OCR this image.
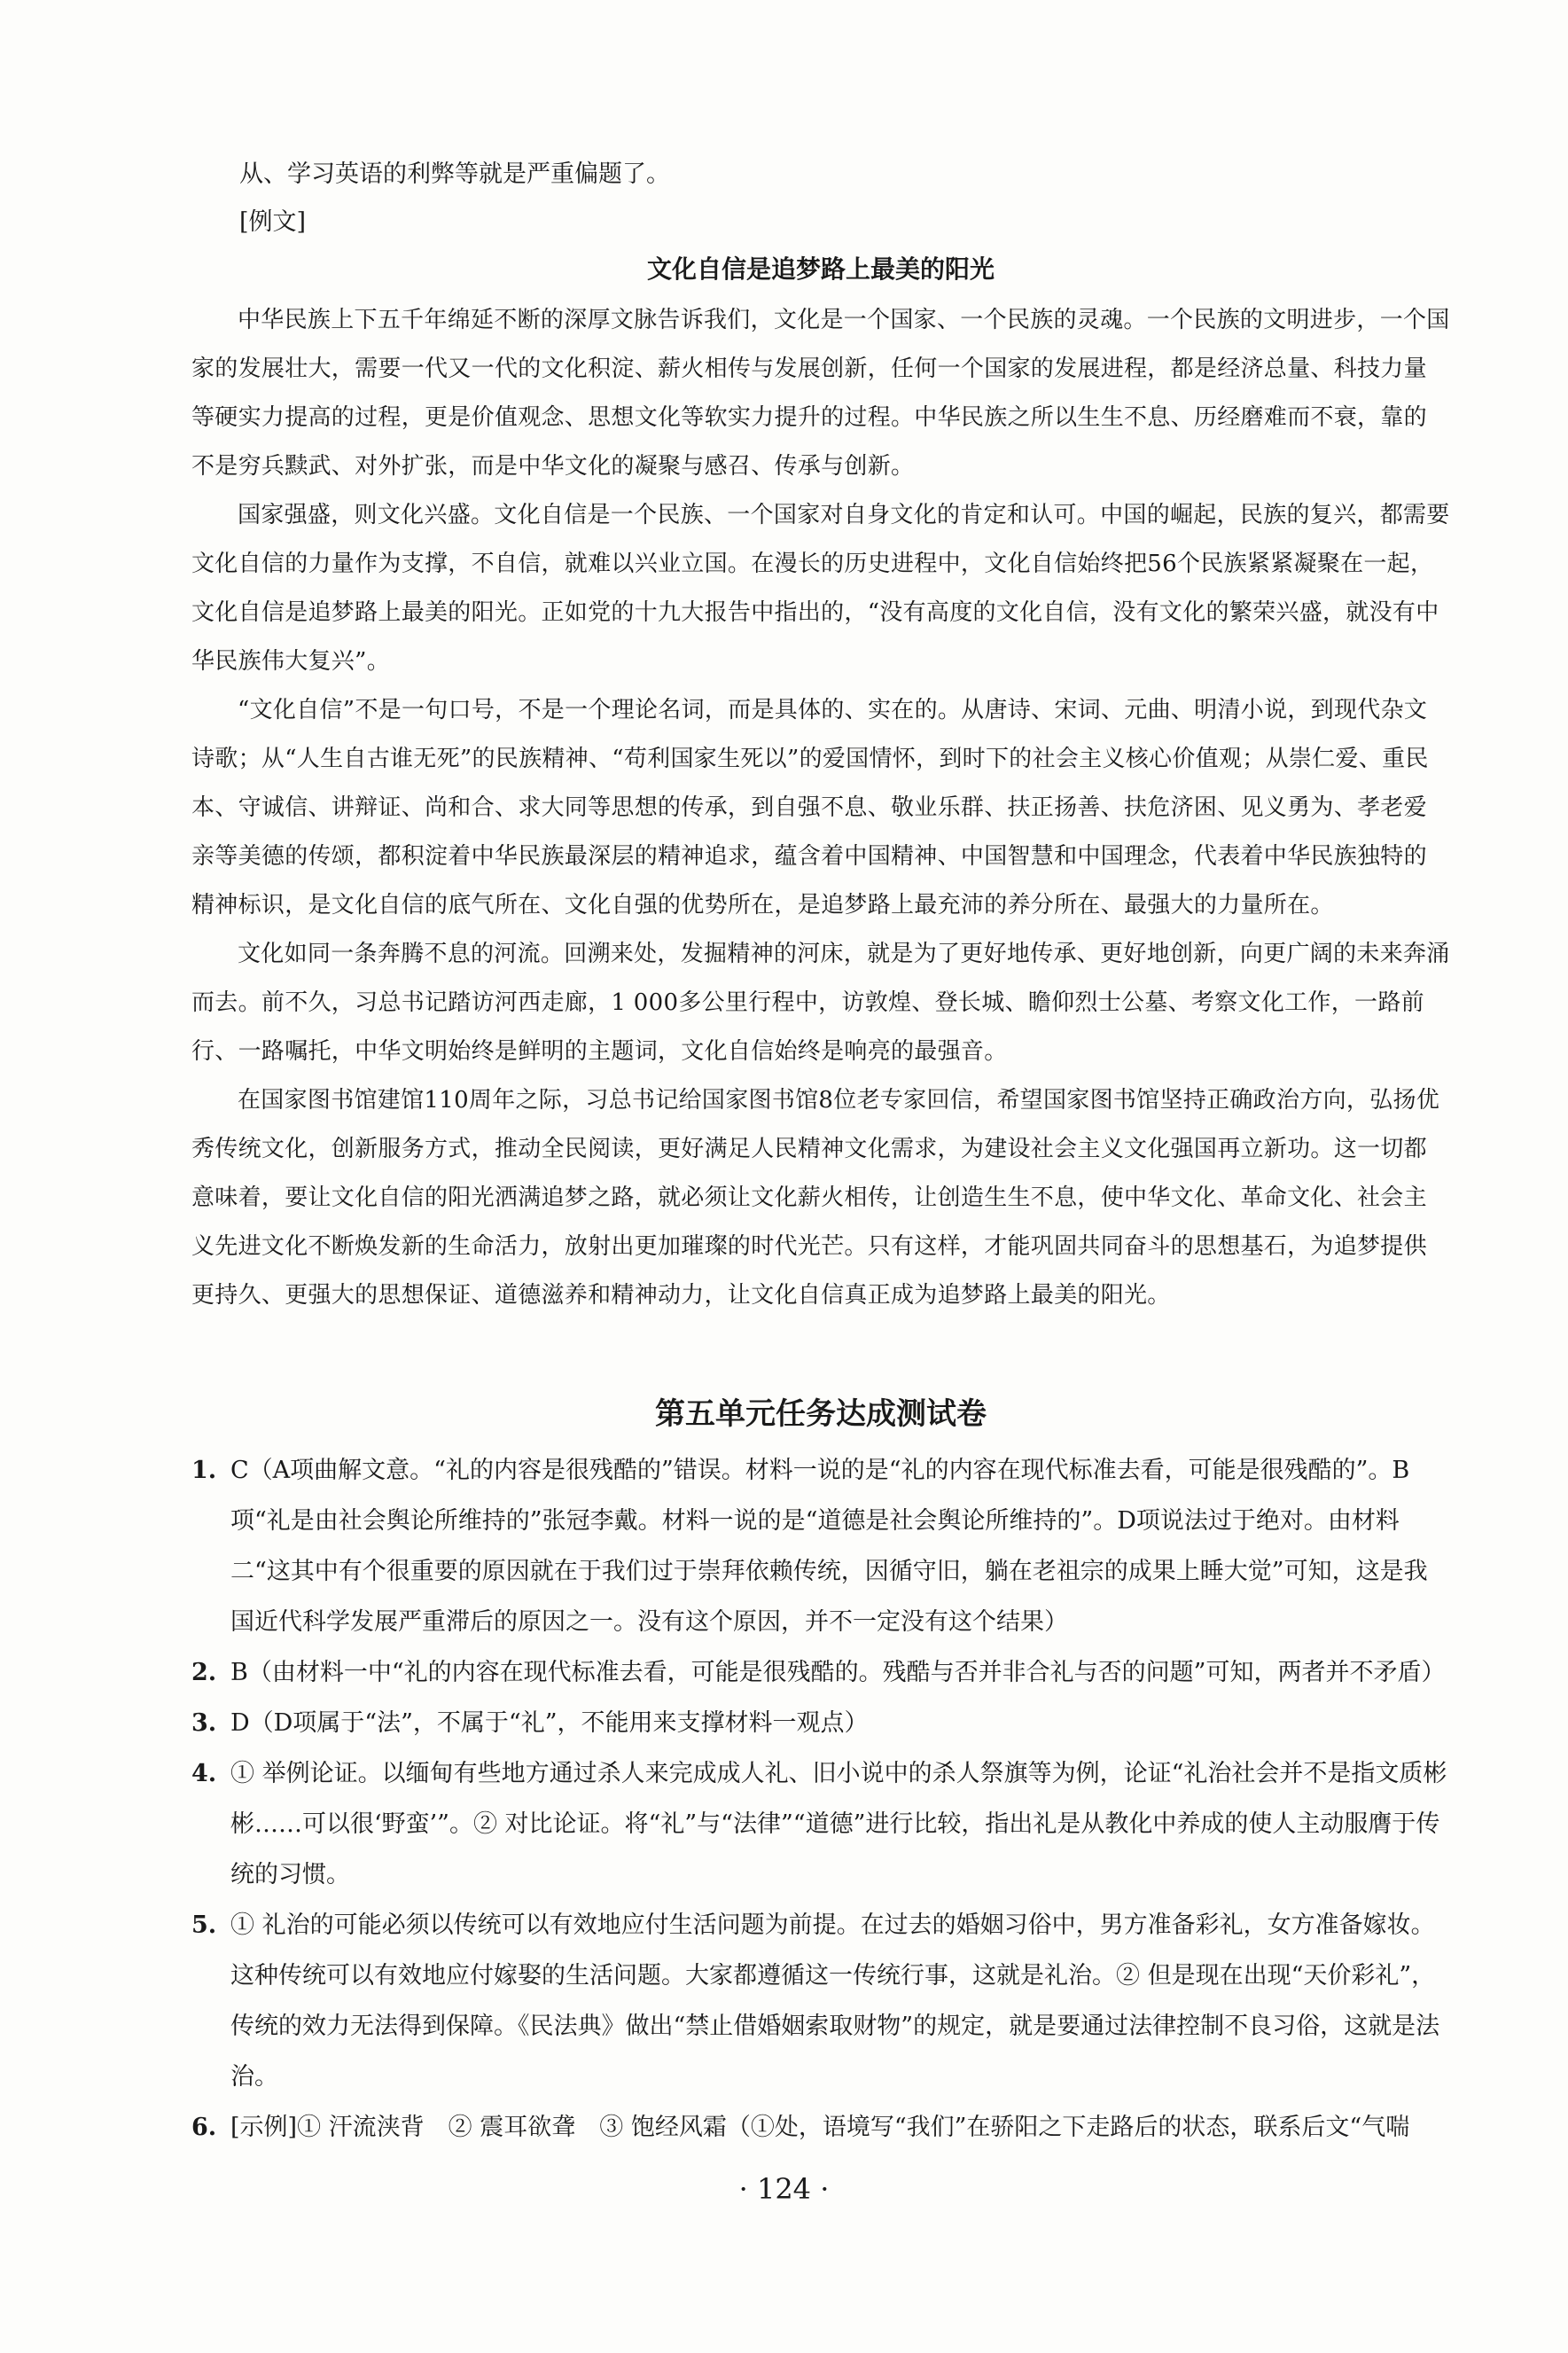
从、学习英语的利弊等就是严重偏题了。

[例文]

文化自信是追梦路上最美的阳光

中华民族上下五千年绵延不断的深厚文脉告诉我们，文化是一个国家、一个民族的灵魂。一个民族的文明进步，一个国家的发展壮大，需要一代又一代的文化积淀、薪火相传与发展创新，任何一个国家的发展进程，都是经济总量、科技力量等硬实力提高的过程，更是价值观念、思想文化等软实力提升的过程。中华民族之所以生生不息、历经磨难而不衰，靠的不是穷兵黩武、对外扩张，而是中华文化的凝聚与感召、传承与创新。

国家强盛，则文化兴盛。文化自信是一个民族、一个国家对自身文化的肯定和认可。中国的崛起，民族的复兴，都需要文化自信的力量作为支撑，不自信，就难以兴业立国。在漫长的历史进程中，文化自信始终把56个民族紧紧凝聚在一起，文化自信是追梦路上最美的阳光。正如党的十九大报告中指出的，“没有高度的文化自信，没有文化的繁荣兴盛，就没有中华民族伟大复兴”。

“文化自信”不是一句口号，不是一个理论名词，而是具体的、实在的。从唐诗、宋词、元曲、明清小说，到现代杂文诗歌；从“人生自古谁无死”的民族精神、“苟利国家生死以”的爱国情怀，到时下的社会主义核心价值观；从崇仁爱、重民本、守诚信、讲辩证、尚和合、求大同等思想的传承，到自强不息、敬业乐群、扶正扬善、扶危济困、见义勇为、孝老爱亲等美德的传颂，都积淀着中华民族最深层的精神追求，蕴含着中国精神、中国智慧和中国理念，代表着中华民族独特的精神标识，是文化自信的底气所在、文化自强的优势所在，是追梦路上最充沛的养分所在、最强大的力量所在。

文化如同一条奔腾不息的河流。回溯来处，发掘精神的河床，就是为了更好地传承、更好地创新，向更广阔的未来奔涌而去。前不久，习总书记踏访河西走廊，1 000多公里行程中，访敦煌、登长城、瞻仰烈士公墓、考察文化工作，一路前行、一路嘱托，中华文明始终是鲜明的主题词，文化自信始终是响亮的最强音。

在国家图书馆建馆110周年之际，习总书记给国家图书馆8位老专家回信，希望国家图书馆坚持正确政治方向，弘扬优秀传统文化，创新服务方式，推动全民阅读，更好满足人民精神文化需求，为建设社会主义文化强国再立新功。这一切都意味着，要让文化自信的阳光洒满追梦之路，就必须让文化薪火相传，让创造生生不息，使中华文化、革命文化、社会主义先进文化不断焕发新的生命活力，放射出更加璀璨的时代光芒。只有这样，才能巩固共同奋斗的思想基石，为追梦提供更持久、更强大的思想保证、道德滋养和精神动力，让文化自信真正成为追梦路上最美的阳光。

第五单元任务达成测试卷
1. C（A项曲解文意。“礼的内容是很残酷的”错误。材料一说的是“礼的内容在现代标准去看，可能是很残酷的”。B项“礼是由社会舆论所维持的”张冠李戴。材料一说的是“道德是社会舆论所维持的”。D项说法过于绝对。由材料二“这其中有个很重要的原因就在于我们过于崇拜依赖传统，因循守旧，躺在老祖宗的成果上睡大觉”可知，这是我国近代科学发展严重滞后的原因之一。没有这个原因，并不一定没有这个结果）
2. B（由材料一中“礼的内容在现代标准去看，可能是很残酷的。残酷与否并非合礼与否的问题”可知，两者并不矛盾）
3. D（D项属于“法”，不属于“礼”，不能用来支撑材料一观点）
4. ① 举例论证。以缅甸有些地方通过杀人来完成成人礼、旧小说中的杀人祭旗等为例，论证“礼治社会并不是指文质彬彬……可以很‘野蛮’”。② 对比论证。将“礼”与“法律”“道德”进行比较，指出礼是从教化中养成的使人主动服膺于传统的习惯。
5. ① 礼治的可能必须以传统可以有效地应付生活问题为前提。在过去的婚姻习俗中，男方准备彩礼，女方准备嫁妆。这种传统可以有效地应付嫁娶的生活问题。大家都遵循这一传统行事，这就是礼治。② 但是现在出现“天价彩礼”，传统的效力无法得到保障。《民法典》做出“禁止借婚姻索取财物”的规定，就是要通过法律控制不良习俗，这就是法治。
6. [示例]① 汗流浃背　② 震耳欲聋　③ 饱经风霜（①处，语境写“我们”在骄阳之下走路后的状态，联系后文“气喘
· 124 ·
